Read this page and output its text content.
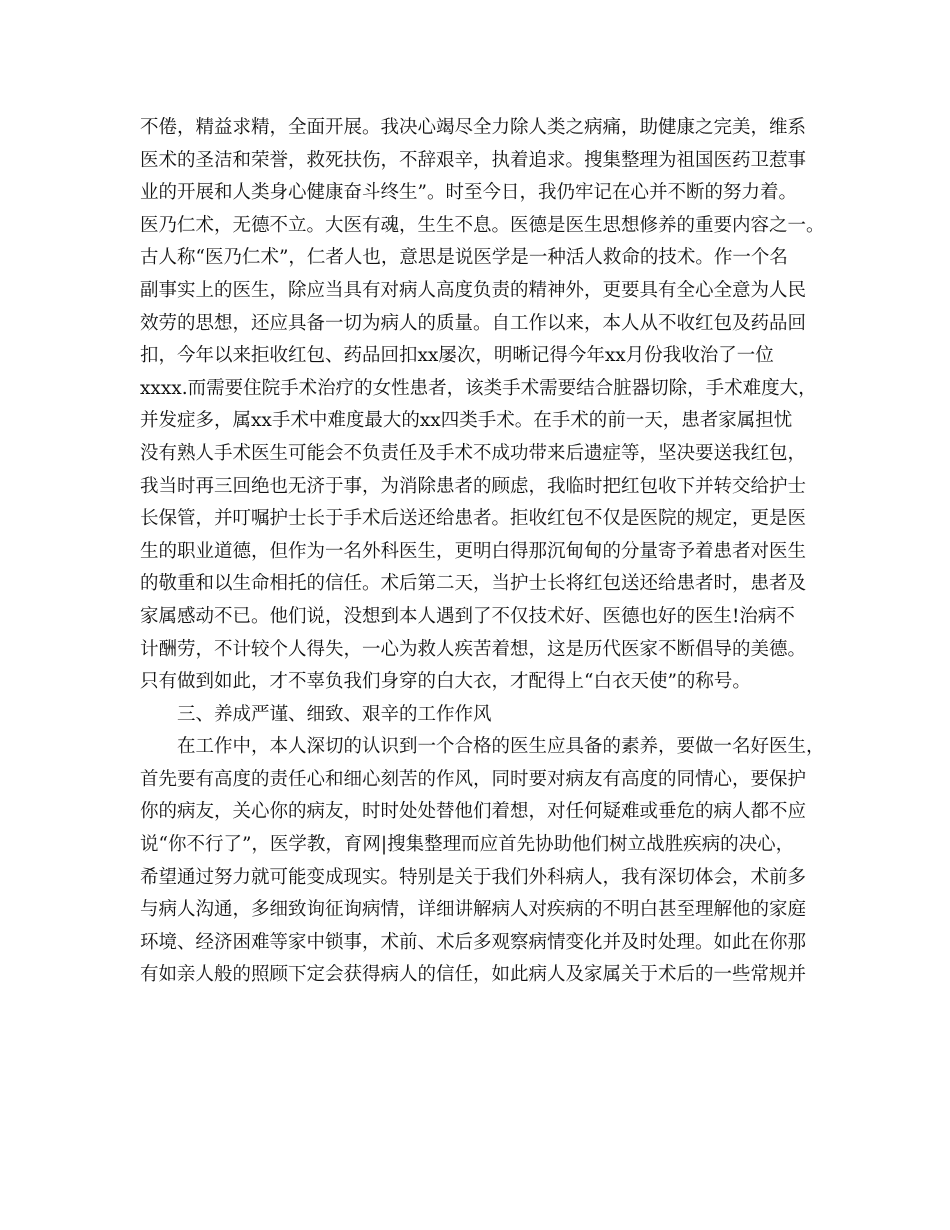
不倦，精益求精，全面开展。我决心竭尽全力除人类之病痛，助健康之完美，维系
医术的圣洁和荣誉，救死扶伤，不辞艰辛，执着追求。搜集整理为祖国医药卫惹事
业的开展和人类身心健康奋斗终生”。时至今日，我仍牢记在心并不断的努力着。
医乃仁术，无德不立。大医有魂，生生不息。医德是医生思想修养的重要内容之一。
古人称“医乃仁术”，仁者人也，意思是说医学是一种活人救命的技术。作一个名
副事实上的医生，除应当具有对病人高度负责的精神外，更要具有全心全意为人民
效劳的思想，还应具备一切为病人的质量。自工作以来，本人从不收红包及药品回
扣，今年以来拒收红包、药品回扣xx屡次，明晰记得今年xx月份我收治了一位
xxxx.而需要住院手术治疗的女性患者，该类手术需要结合脏器切除，手术难度大，
并发症多，属xx手术中难度最大的xx四类手术。在手术的前一天，患者家属担忧
没有熟人手术医生可能会不负责任及手术不成功带来后遗症等，坚决要送我红包，
我当时再三回绝也无济于事，为消除患者的顾虑，我临时把红包收下并转交给护士
长保管，并叮嘱护士长于手术后送还给患者。拒收红包不仅是医院的规定，更是医
生的职业道德，但作为一名外科医生，更明白得那沉甸甸的分量寄予着患者对医生
的敬重和以生命相托的信任。术后第二天，当护士长将红包送还给患者时，患者及
家属感动不已。他们说，没想到本人遇到了不仅技术好、医德也好的医生!治病不
计酬劳，不计较个人得失，一心为救人疾苦着想，这是历代医家不断倡导的美德。
只有做到如此，才不辜负我们身穿的白大衣，才配得上“白衣天使”的称号。
三、养成严谨、细致、艰辛的工作作风
在工作中，本人深切的认识到一个合格的医生应具备的素养，要做一名好医生，
首先要有高度的责任心和细心刻苦的作风，同时要对病友有高度的同情心，要保护
你的病友，关心你的病友，时时处处替他们着想，对任何疑难或垂危的病人都不应
说“你不行了”，医学教，育网|搜集整理而应首先协助他们树立战胜疾病的决心，
希望通过努力就可能变成现实。特别是关于我们外科病人，我有深切体会，术前多
与病人沟通，多细致询征询病情，详细讲解病人对疾病的不明白甚至理解他的家庭
环境、经济困难等家中锁事，术前、术后多观察病情变化并及时处理。如此在你那
有如亲人般的照顾下定会获得病人的信任，如此病人及家属关于术后的一些常规并
